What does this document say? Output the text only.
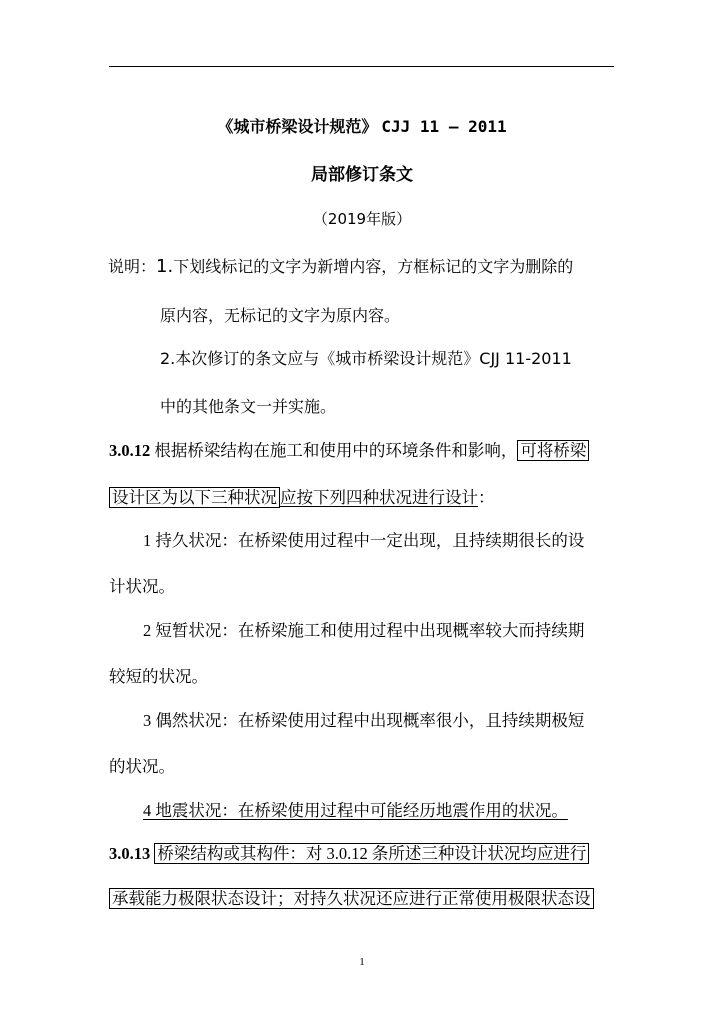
《城市桥梁设计规范》 CJJ 11 – 2011
局部修订条文
（2019年版）
说明：1.下划线标记的文字为新增内容，方框标记的文字为删除的
原内容，无标记的文字为原内容。
2.本次修订的条文应与《城市桥梁设计规范》CJJ 11-2011
中的其他条文一并实施。
3.0.12 根据桥梁结构在施工和使用中的环境条件和影响， 可将桥梁
设计区为以下三种状况 应按下列四种状况进行设计：
1 持久状况：在桥梁使用过程中一定出现，且持续期很长的设
计状况。
2 短暂状况：在桥梁施工和使用过程中出现概率较大而持续期
较短的状况。
3 偶然状况：在桥梁使用过程中出现概率很小，且持续期极短
的状况。
4 地震状况：在桥梁使用过程中可能经历地震作用的状况。
3.0.13 桥梁结构或其构件：对 3.0.12 条所述三种设计状况均应进行
承载能力极限状态设计；对持久状况还应进行正常使用极限状态设
1
